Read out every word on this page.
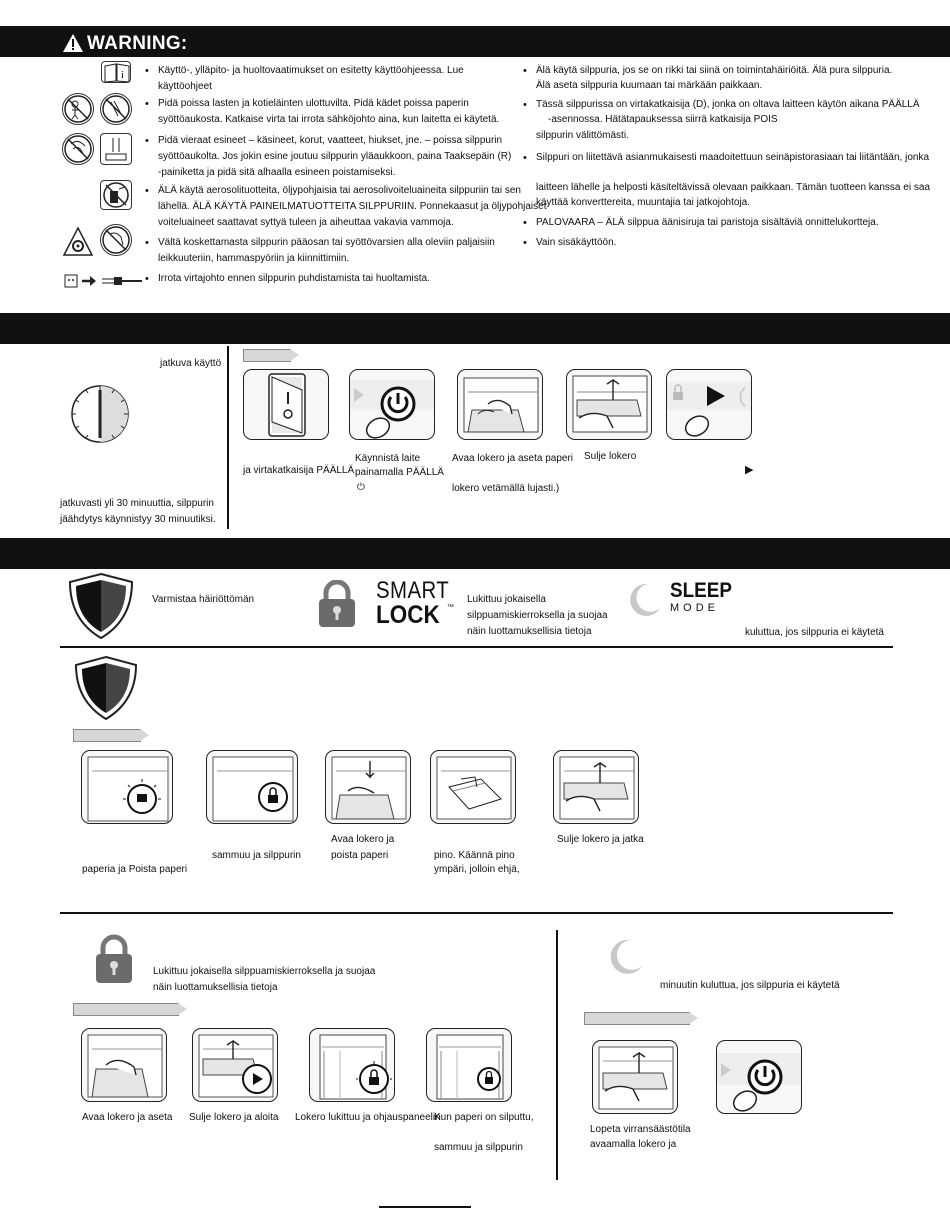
WARNING:
i
•	Käyttö-, ylläpito- ja huoltovaatimukset on esitetty käyttöohjeessa. Lue käyttöohjeet
• Pidä poissa lasten ja kotieläinten ulottuvilta. Pidä kädet poissa paperin
syöttöaukosta. Katkaise virta tai irrota sähköjohto aina, kun laitetta ei käytetä.
• Pidä vieraat esineet – käsineet, korut, vaatteet, hiukset, jne. – poissa silppurin
syöttöaukolta. Jos jokin esine joutuu silppurin yläaukkoon, paina Taaksepäin (R)
-painiketta ja pidä sitä alhaalla esineen poistamiseksi.
• ÄLÄ käytä aerosolituotteita, öljypohjaisia tai aerosolivoiteluaineita silppuriin tai sen
lähellä. ÄLÄ KÄYTÄ PAINEILMATUOTTEITA SILPPURIIN. Ponnekaasut ja öljypohjaiset
voiteluaineet saattavat syttyä tuleen ja aiheuttaa vakavia vammoja.
• Vältä koskettamasta silppurin pääosan tai syöttövarsien alla oleviin paljaisiin
leikkuuteriin, hammaspyöriin ja kiinnittimiin.
• Irrota virtajohto ennen silppurin puhdistamista tai huoltamista.
• Älä käytä silppuria, jos se on rikki tai siinä on toimintahäiriöitä. Älä pura silppuria.
Älä aseta silppuria kuumaan tai märkään paikkaan.
• Tässä silppurissa on virtakatkaisija (D), jonka on oltava laitteen käytön aikana PÄÄLLÄ
-asennossa. Hätätapauksessa siirrä katkaisija POIS
silppurin välittömästi.
• Silppuri on liitettävä asianmukaisesti maadoitettuun seinäpistorasiaan tai liitäntään, jonka
laitteen lähelle ja helposti käsiteltävissä olevaan paikkaan. Tämän tuotteen kanssa ei saa
käyttää konverttereita, muuntajia tai jatkojohtoja.
• PALOVAARA – ÄLÄ silppua äänisiruja tai paristoja sisältäviä onnittelukortteja.
• Vain sisäkäyttöön.
jatkuva käyttö
jatkuvasti yli 30 minuuttia, silppurin
jäähdytys käynnistyy 30 minuutiksi.
ja virtakatkaisija PÄÄLLÄ
Käynnistä laite
painamalla PÄÄLLÄ
⏻
Avaa lokero ja aseta paperi
lokero vetämällä lujasti.)
Sulje lokero
▶
Varmistaa häiriöttömän	SMART
LOCK ™
Lukittuu jokaisella
silppuamiskierroksella ja suojaa
näin luottamuksellisia tietoja
SLEEP
MODE
kuluttua, jos silppuria ei käytetä
paperia ja Poista paperi
sammuu ja silppurin
Avaa lokero ja
poista paperi	pino. Käännä pino
ympäri, jolloin ehjä,
Sulje lokero ja jatka
Lukittuu jokaisella silppuamiskierroksella ja suojaa
näin luottamuksellisia tietoja
Avaa lokero ja aseta Sulje lokero ja aloita Lokero lukittuu ja ohjauspaneelin
Kun paperi on silputtu,
sammuu ja silppurin
minuutin kuluttua, jos silppuria ei käytetä
Lopeta virransäästötila
avaamalla lokero ja
